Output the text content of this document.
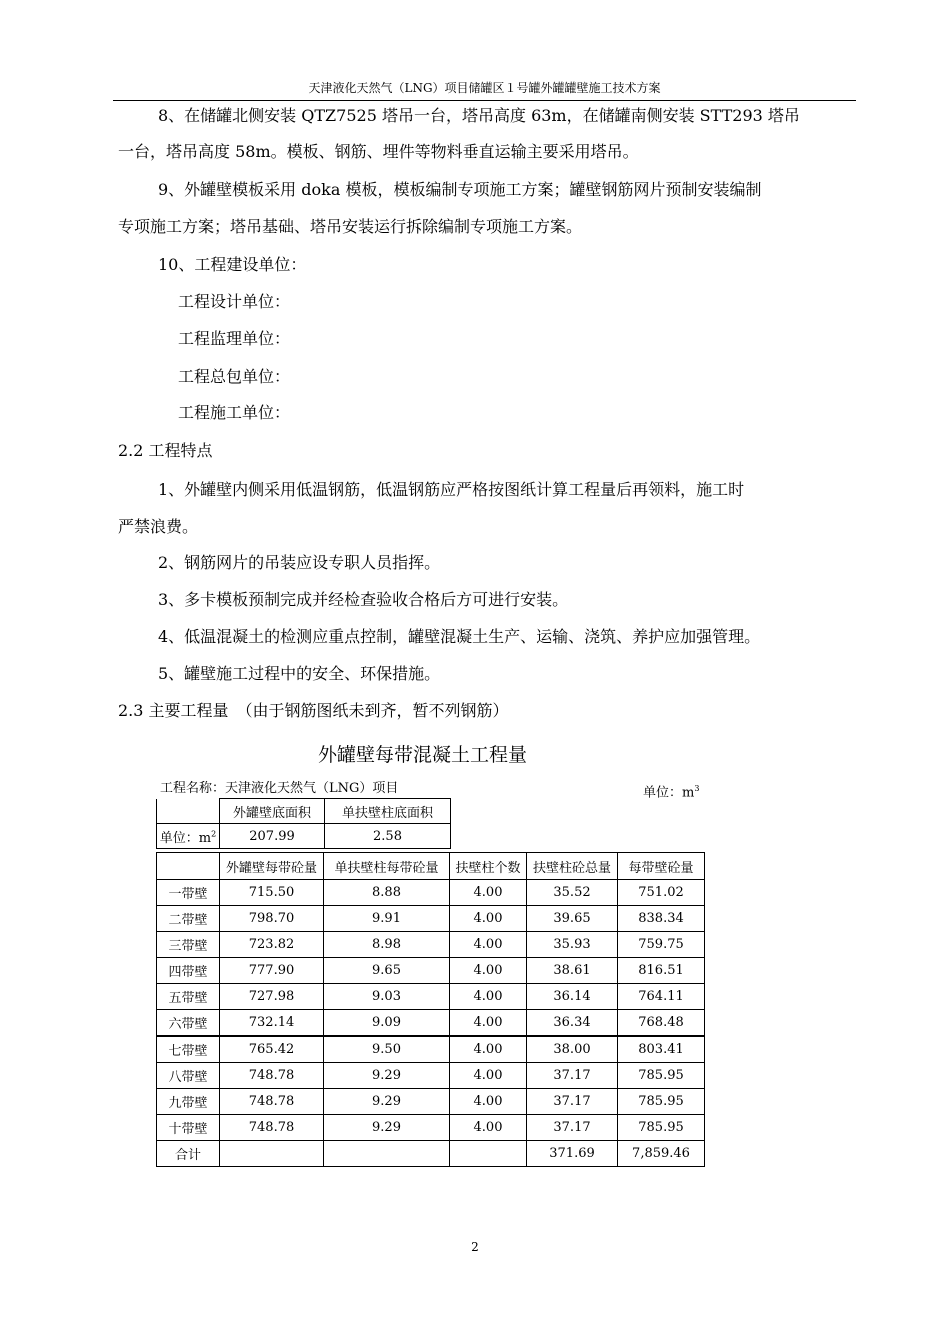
天津液化天然气（LNG）项目储罐区１号罐外罐罐壁施工技术方案
8、在储罐北侧安装 QTZ7525 塔吊一台，塔吊高度 63m，在储罐南侧安装 STT293 塔吊
一台，塔吊高度 58m。模板、钢筋、埋件等物料垂直运输主要采用塔吊。
9、外罐壁模板采用 doka 模板，模板编制专项施工方案；罐壁钢筋网片预制安装编制
专项施工方案；塔吊基础、塔吊安装运行拆除编制专项施工方案。
10、工程建设单位：
工程设计单位：
工程监理单位：
工程总包单位：
工程施工单位：
2.2 工程特点
1、外罐壁内侧采用低温钢筋，低温钢筋应严格按图纸计算工程量后再领料，施工时
严禁浪费。
2、钢筋网片的吊装应设专职人员指挥。
3、多卡模板预制完成并经检查验收合格后方可进行安装。
4、低温混凝土的检测应重点控制，罐壁混凝土生产、运输、浇筑、养护应加强管理。
5、罐壁施工过程中的安全、环保措施。
2.3 主要工程量　（由于钢筋图纸未到齐，暂不列钢筋）
外罐壁每带混凝土工程量
工程名称：天津液化天然气（LNG）项目	单位：$m^3$
	外罐壁底面积	单扶壁柱底面积
单位：$m^2$	207.99	2.58
	外罐壁每带砼量	单扶壁柱每带砼量	扶壁柱个数	扶壁柱砼总量	每带壁砼量
一带壁	715.50	8.88	4.00	35.52	751.02
二带壁	798.70	9.91	4.00	39.65	838.34
三带壁	723.82	8.98	4.00	35.93	759.75
四带壁	777.90	9.65	4.00	38.61	816.51
五带壁	727.98	9.03	4.00	36.14	764.11
六带壁	732.14	9.09	4.00	36.34	768.48
七带壁	765.42	9.50	4.00	38.00	803.41
八带壁	748.78	9.29	4.00	37.17	785.95
九带壁	748.78	9.29	4.00	37.17	785.95
十带壁	748.78	9.29	4.00	37.17	785.95
合计				371.69	7,859.46
2
